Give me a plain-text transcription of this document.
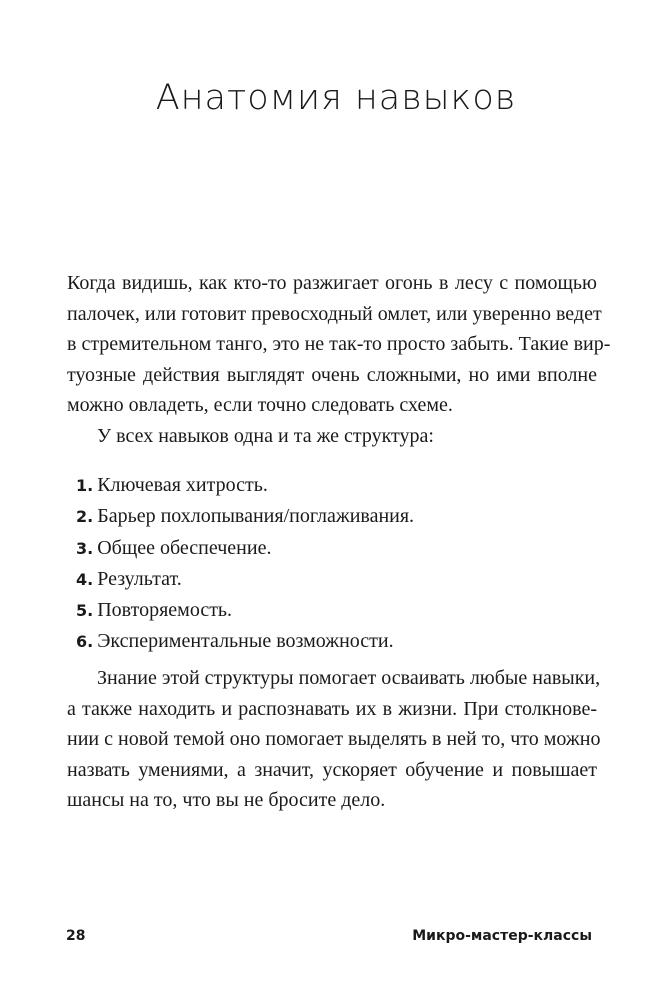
Анатомия навыков
Когда видишь, как кто-то разжигает огонь в лесу с помощью
палочек, или готовит превосходный омлет, или уверенно ведет
в стремительном танго, это не так-то просто забыть. Такие вир-
туозные действия выглядят очень сложными, но ими вполне
можно овладеть, если точно следовать схеме.
У всех навыков одна и та же структура:
1. Ключевая хитрость.
2. Барьер похлопывания/поглаживания.
3. Общее обеспечение.
4. Результат.
5. Повторяемость.
6. Экспериментальные возможности.
Знание этой структуры помогает осваивать любые навыки,
а также находить и распознавать их в жизни. При столкнове-
нии с новой темой оно помогает выделять в ней то, что можно
назвать умениями, а значит, ускоряет обучение и повышает
шансы на то, что вы не бросите дело.
28	Микро-мастер-классы
